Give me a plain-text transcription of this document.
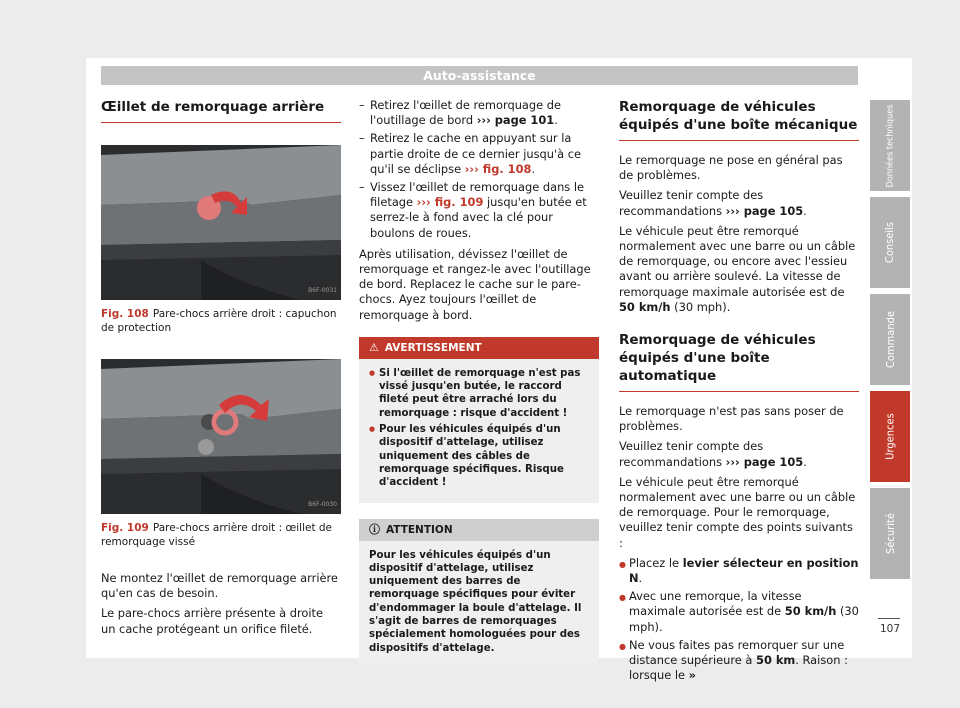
Auto-assistance
Œillet de remorquage arrière
B6F-0031
Fig. 108 Pare-chocs arrière droit : capuchon de protection
B6F-0030
Fig. 109 Pare-chocs arrière droit : œillet de remorquage vissé

Ne montez l'œillet de remorquage arrière qu'en cas de besoin.

Le pare-chocs arrière présente à droite un cache protégeant un orifice fileté.

– Retirez l'œillet de remorquage de l'outillage de bord ››› page 101.
– Retirez le cache en appuyant sur la partie droite de ce dernier jusqu'à ce qu'il se déclipse ››› fig. 108.
– Vissez l'œillet de remorquage dans le filetage ››› fig. 109 jusqu'en butée et serrez-le à fond avec la clé pour boulons de roues.

Après utilisation, dévissez l'œillet de remorquage et rangez-le avec l'outillage de bord. Replacez le cache sur le pare-chocs. Ayez toujours l'œillet de remorquage à bord.

⚠ AVERTISSEMENT
● Si l'œillet de remorquage n'est pas vissé jusqu'en butée, le raccord fileté peut être arraché lors du remorquage : risque d'accident !
● Pour les véhicules équipés d'un dispositif d'attelage, utilisez uniquement des câbles de remorquage spécifiques. Risque d'accident !
ⓘ ATTENTION
Pour les véhicules équipés d'un dispositif d'attelage, utilisez uniquement des barres de remorquage spécifiques pour éviter d'endommager la boule d'attelage. Il s'agit de barres de remorquages spécialement homologuées pour des dispositifs d'attelage.
Remorquage de véhicules équipés d'une boîte mécanique

Le remorquage ne pose en général pas de problèmes.

Veuillez tenir compte des recommandations ››› page 105.

Le véhicule peut être remorqué normalement avec une barre ou un câble de remorquage, ou encore avec l'essieu avant ou arrière soulevé. La vitesse de remorquage maximale autorisée est de 50 km/h (30 mph).

Remorquage de véhicules équipés d'une boîte automatique

Le remorquage n'est pas sans poser de problèmes.

Veuillez tenir compte des recommandations ››› page 105.

Le véhicule peut être remorqué normalement avec une barre ou un câble de remorquage. Pour le remorquage, veuillez tenir compte des points suivants :

● Placez le levier sélecteur en position N.
● Avec une remorque, la vitesse maximale autorisée est de 50 km/h (30 mph).
● Ne vous faites pas remorquer sur une distance supérieure à 50 km. Raison : lorsque le »
Données techniques
Conseils
Commande
Urgences
Sécurité
107
